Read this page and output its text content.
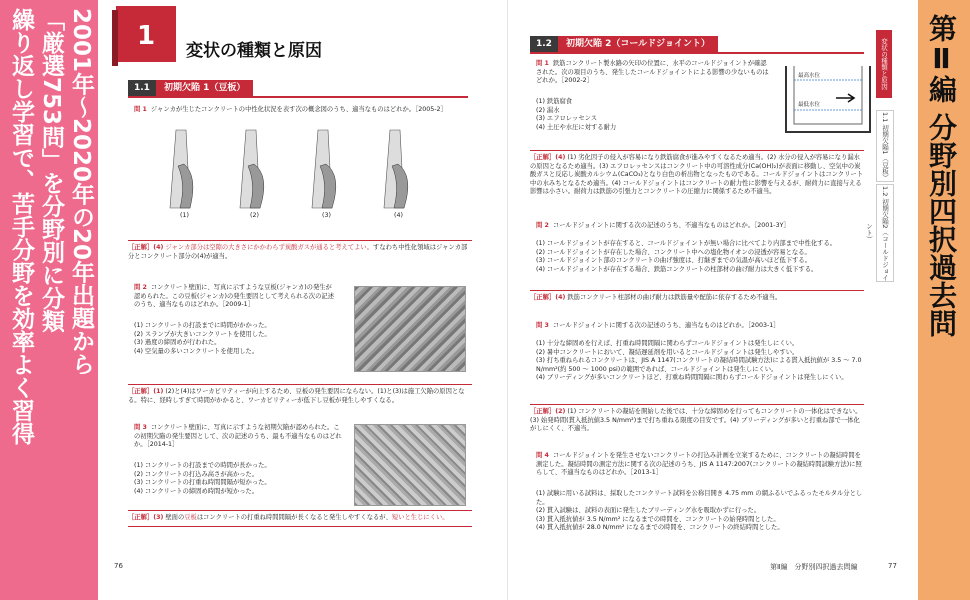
2001年～2020年の20年出題から
「厳選753問」を分野別に分類
繰り返し学習で、苦手分野を効率よく習得	第Ⅱ編 分野別四択過去問
変状の種類と原因
1.1 初期欠陥1（豆板）
1.2 初期欠陥2（コールドジョイント）
1	変状の種類と原因
1.1 初期欠陥 1（豆板）
問 1 ジャンカが生じたコンクリートの中性化状況を表す次の概念図のうち、適当なものはどれか。［2005-2］
(1)	(2)	(3)	(4)
［正解］(4) ジャンカ部分は空隙の大きさにかかわらず炭酸ガスが通ると考えてよい。すなわち中性化領域はジャンカ部分とコンクリート部分の(4)が適当。
問 2 コンクリート壁面に、写真に示すような豆板(ジャンカ)の発生が認められた。この豆板(ジャンカ)の発生要因として考えられる次の記述のうち、適当なものはどれか。［2009-1］
(1) コンクリートの打設までに時間がかかった。
(2) スランプが大きいコンクリートを使用した。
(3) 過度の締固めが行われた。
(4) 空気量の多いコンクリートを使用した。
［正解］(1) (2)と(4)はワーカビリティーが向上するため、豆板の発生要因にならない。(1)と(3)は施工欠陥の原因となる。特に、経時しすぎて時間がかかると、ワーカビリティーが低下し豆板が発生しやすくなる。
問 3 コンクリート壁面に、写真に示すような初期欠陥が認められた。この初期欠陥の発生要因として、次の記述のうち、最も不適当なものはどれか。［2014-1］
(1) コンクリートの打設までの時間が長かった。
(2) コンクリートの打込み高さが高かった。
(3) コンクリートの打重ね時間間隔が短かった。
(4) コンクリートの締固め時間が短かった。
［正解］(3) 壁面の豆板はコンクリートの打重ね時間間隔が長くなると発生しやすくなるが、短いと生じにくい。
76
1.2 初期欠陥 2（コールドジョイント）
問 1 鉄筋コンクリート製水路の矢印の位置に、水平のコールドジョイントが確認された。次の項目のうち、発生したコールドジョイントによる影響の少ないものはどれか。［2002-2］
(1) 鉄筋腐食
(2) 漏水
(3) エフロレッセンス
(4) 土圧や水圧に対する耐力
最高水位
最低水位
［正解］(4) (1) 劣化因子の侵入が容易になり鉄筋腐食が進みやすくなるため適当。(2) 水分の侵入が容易になり漏水の原因となるため適当。(3) エフロレッセンスはコンクリート中の可溶性成分(Ca(OH)₂)が表面に移動し、空気中の炭酸ガスと反応し炭酸カルシウム(CaCO₃)となり白色の析出物となったものである。コールドジョイントはコンクリート中の水みちとなるため適当。(4) コールドジョイントはコンクリートの耐力性に影響を与えるが、耐荷力に直接与える影響は小さい。耐荷力は鉄筋の引張力とコンクリートの圧縮力に関係するため不適当。
問 2 コールドジョイントに関する次の記述のうち、不適当なものはどれか。［2001-3Y］
(1) コールドジョイントが存在すると、コールドジョイントが無い場合に比べてより内部まで中性化する。
(2) コールドジョイントが存在した場合、コンクリート中への塩化物イオンの浸透が容易となる。
(3) コールドジョイント部のコンクリートの曲げ強度は、打継ぎまでの気温が高いほど低下する。
(4) コールドジョイントが存在する場合、鉄筋コンクリートの柱部材の曲げ耐力は大きく低下する。
［正解］(4) 鉄筋コンクリート柱部材の曲げ耐力は鉄筋量や配筋に依存するため不適当。
問 3 コールドジョイントに関する次の記述のうち、適当なものはどれか。［2003-1］
(1) 十分な締固めを行えば、打重ね時間間隔に関わらずコールドジョイントは発生しにくい。
(2) 暑中コンクリートにおいて、凝結遅延剤を用いるとコールドジョイントは発生しやすい。
(3) 打ち重ねられるコンクリートは、JIS A 1147(コンクリートの凝結時間試験方法)による貫入抵抗値が 3.5 ～ 7.0 N/mm²(約 500 ～ 1000 psi)の範囲であれば、コールドジョイントは発生しにくい。
(4) ブリーディングが多いコンクリートほど、打重ね時間間隔に関わらずコールドジョイントは発生しにくい。
［正解］(2) (1) コンクリートの凝結を開始した後では、十分な締固めを行ってもコンクリートの一体化はできない。(3) 始発時間(貫入抵抗値3.5 N/mm²)まで打ち重ねる限度の目安です。(4) ブリーディングが多いと打重ね部で一体化がしにくく、不適当。
問 4 コールドジョイントを発生させないコンクリートの打込み計画を立案するために、コンクリートの凝結時間を測定した。凝結時間の測定方法に関する次の記述のうち、JIS A 1147:2007(コンクリートの凝結時間試験方法)に照らして、不適当なものはどれか。［2013-1］
(1) 試験に用いる試料は、採取したコンクリート試料を公称目開き 4.75 mm の網ふるいでふるったモルタル分とした。
(2) 貫入試験は、試料の表面に発生したブリーディング水を吸取かずに行った。
(3) 貫入抵抗値が 3.5 N/mm² になるまでの時間を、コンクリートの始発時間とした。
(4) 貫入抵抗値が 28.0 N/mm² になるまでの時間を、コンクリートの終結時間とした。
第Ⅱ編　分野別四択過去問編	77
